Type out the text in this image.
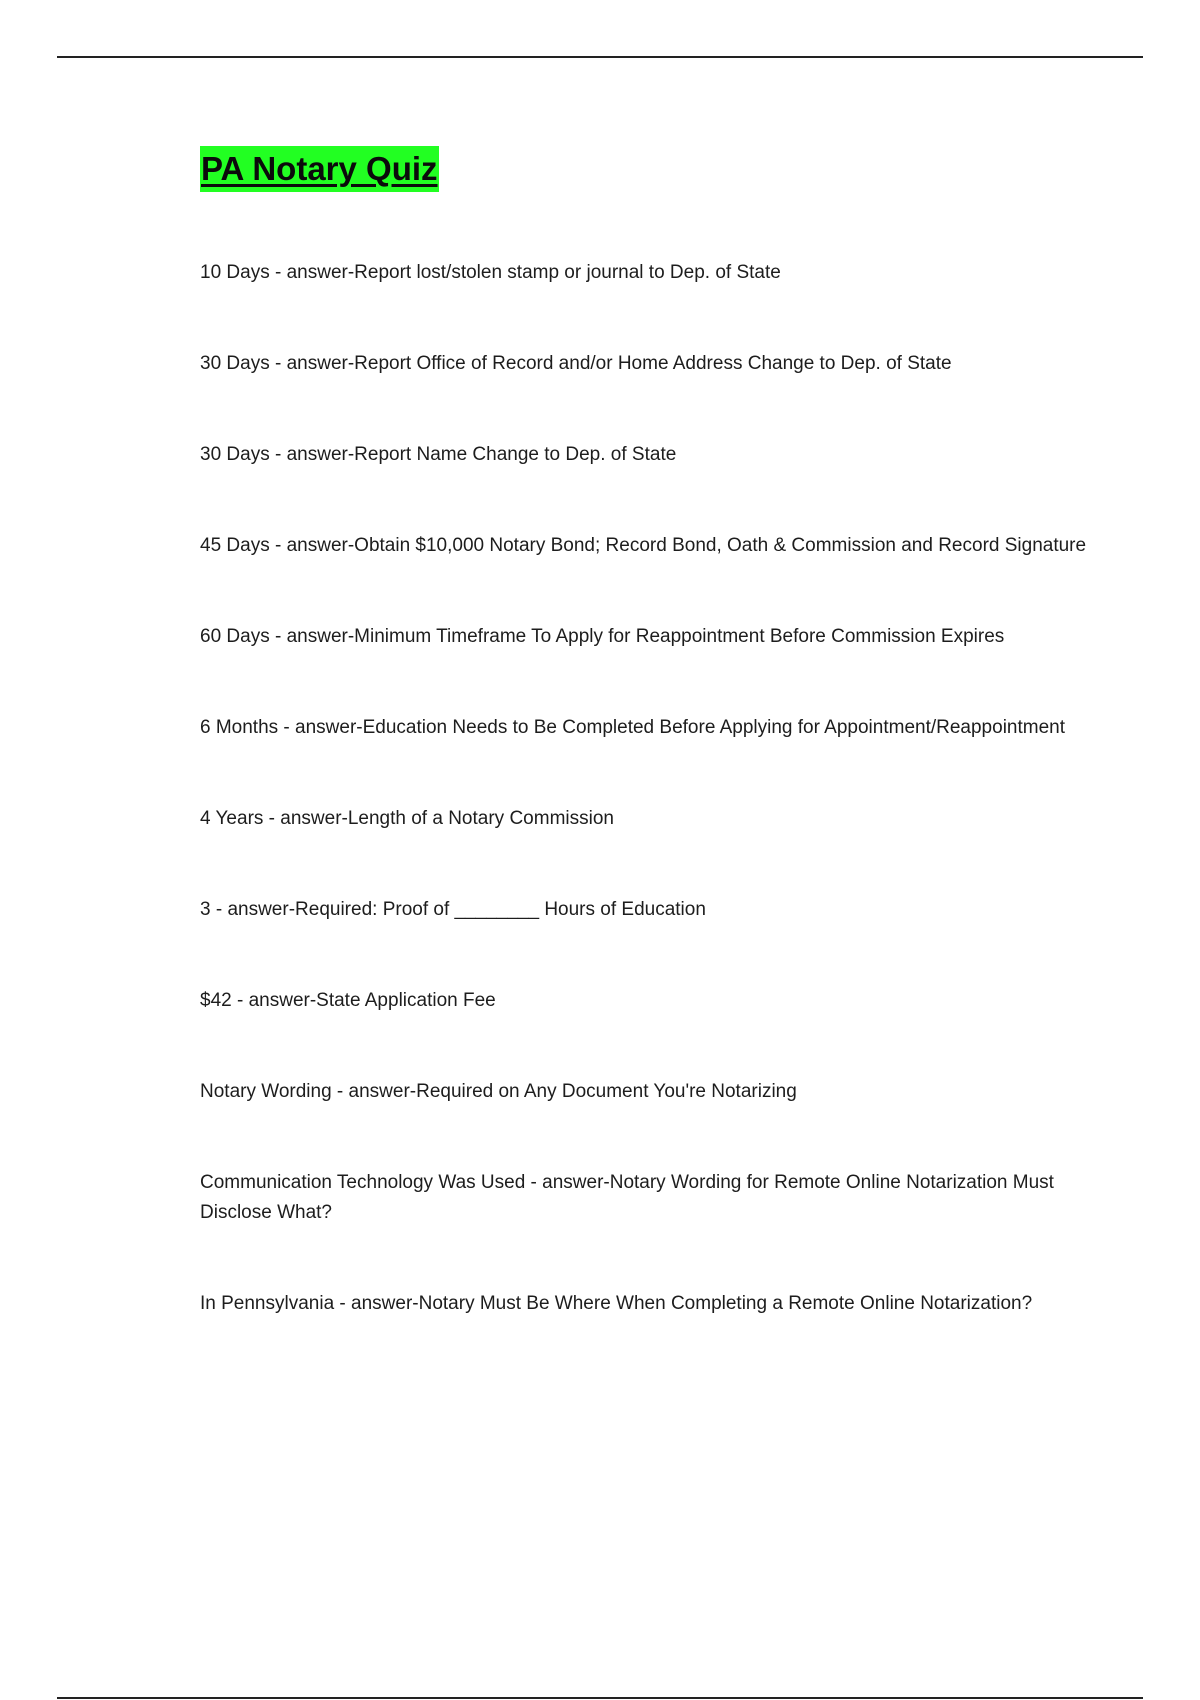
PA Notary Quiz
10 Days - answer-Report lost/stolen stamp or journal to Dep. of State
30 Days - answer-Report Office of Record and/or Home Address Change to Dep. of State
30 Days - answer-Report Name Change to Dep. of State
45 Days - answer-Obtain $10,000 Notary Bond; Record Bond, Oath & Commission and Record Signature
60 Days - answer-Minimum Timeframe To Apply for Reappointment Before Commission Expires
6 Months - answer-Education Needs to Be Completed Before Applying for Appointment/Reappointment
4 Years - answer-Length of a Notary Commission
3 - answer-Required: Proof of ________ Hours of Education
$42 - answer-State Application Fee
Notary Wording - answer-Required on Any Document You're Notarizing
Communication Technology Was Used - answer-Notary Wording for Remote Online Notarization Must Disclose What?
In Pennsylvania - answer-Notary Must Be Where When Completing a Remote Online Notarization?
